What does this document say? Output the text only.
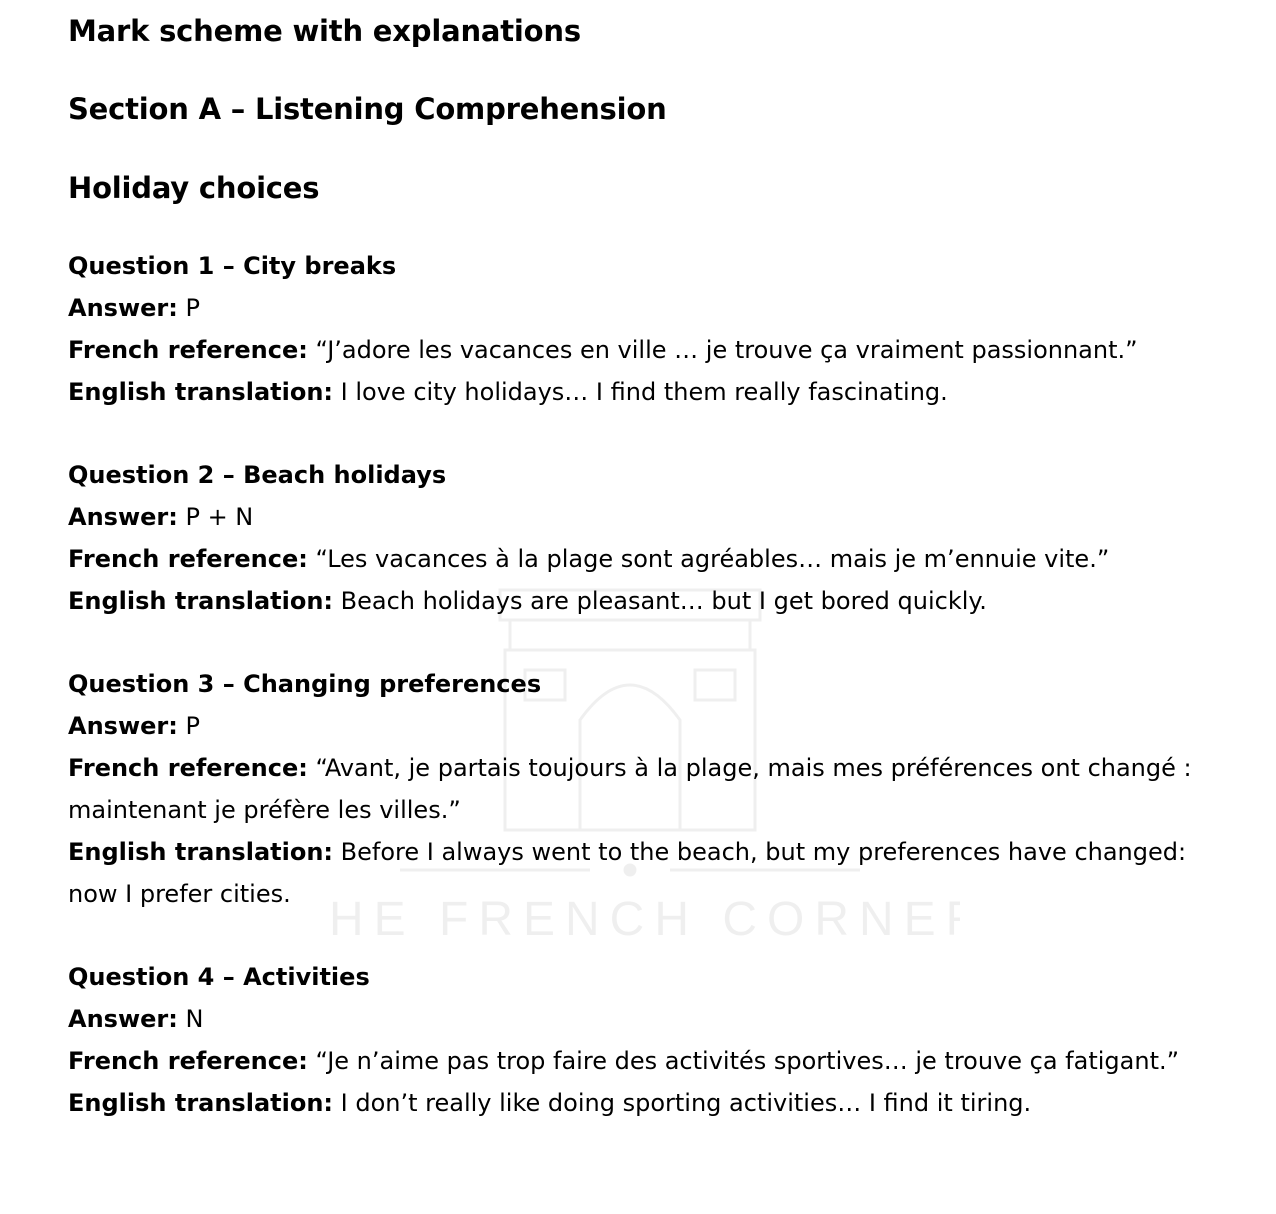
THE FRENCH CORNER
Mark scheme with explanations
Section A – Listening Comprehension
Holiday choices
Question 1 – City breaks
Answer: P
French reference: “J’adore les vacances en ville … je trouve ça vraiment passionnant.”
English translation: I love city holidays… I find them really fascinating.
Question 2 – Beach holidays
Answer: P + N
French reference: “Les vacances à la plage sont agréables… mais je m’ennuie vite.”
English translation: Beach holidays are pleasant… but I get bored quickly.
Question 3 – Changing preferences
Answer: P
French reference: “Avant, je partais toujours à la plage, mais mes préférences ont changé : maintenant je préfère les villes.”
English translation: Before I always went to the beach, but my preferences have changed: now I prefer cities.
Question 4 – Activities
Answer: N
French reference: “Je n’aime pas trop faire des activités sportives… je trouve ça fatigant.”
English translation: I don’t really like doing sporting activities… I find it tiring.
